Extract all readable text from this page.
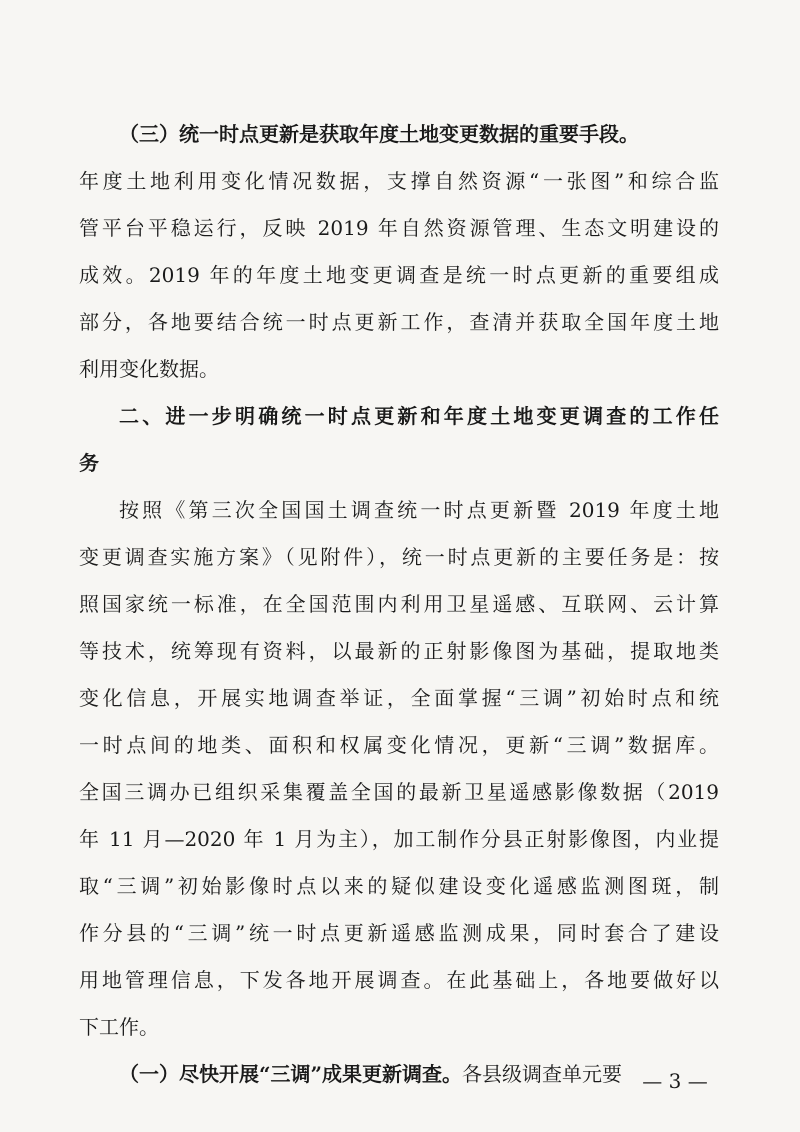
（三）统一时点更新是获取年度土地变更数据的重要手段。
年度土地利用变化情况数据，支撑自然资源“一张图”和综合监
管平台平稳运行，反映 2019 年自然资源管理、生态文明建设的
成效。2019 年的年度土地变更调查是统一时点更新的重要组成
部分，各地要结合统一时点更新工作，查清并获取全国年度土地
利用变化数据。
二、进一步明确统一时点更新和年度土地变更调查的工作任
务
按照《第三次全国国土调查统一时点更新暨 2019 年度土地
变更调查实施方案》（见附件），统一时点更新的主要任务是：按
照国家统一标准，在全国范围内利用卫星遥感、互联网、云计算
等技术，统筹现有资料，以最新的正射影像图为基础，提取地类
变化信息，开展实地调查举证，全面掌握“三调”初始时点和统
一时点间的地类、面积和权属变化情况，更新“三调”数据库。
全国三调办已组织采集覆盖全国的最新卫星遥感影像数据（2019
年 11 月—2020 年 1 月为主），加工制作分县正射影像图，内业提
取“三调”初始影像时点以来的疑似建设变化遥感监测图斑，制
作分县的“三调”统一时点更新遥感监测成果，同时套合了建设
用地管理信息，下发各地开展调查。在此基础上，各地要做好以
下工作。
（一）尽快开展“三调”成果更新调查。各县级调查单元要	— 3 —
